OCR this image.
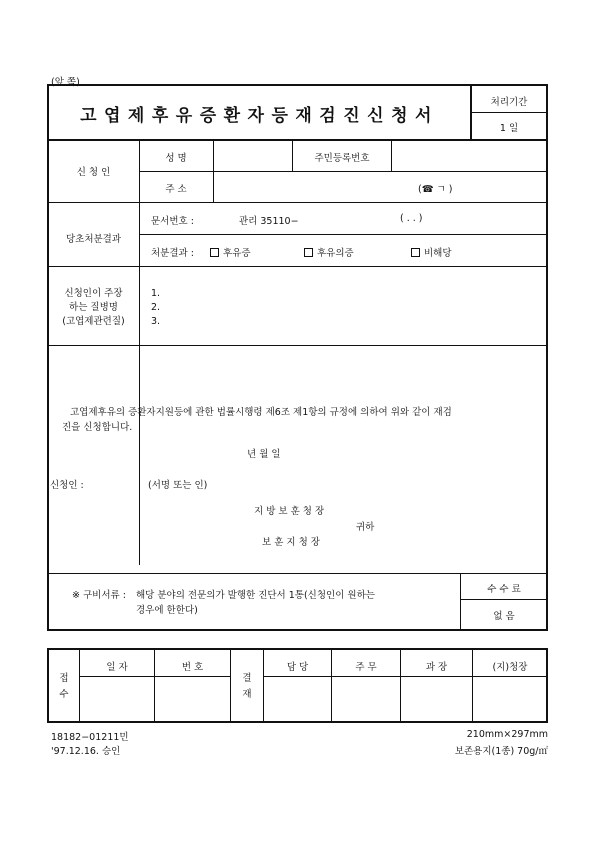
(앞 쪽)
고엽제후유증환자등재검진신청서
처리기간
1 일
신 청 인
성 명	주민등록번호
주 소	(☎ ㄱ )
당초처분결과
문서번호 :	관리 35110−	( . . )
처분결과 :	후유증	후유의증	비해당
신청인이 주장
하는 질병명
(고엽제관련질)
1.
2.
3.
고엽제후유의 증환자지원등에 관한 법률시행령 제6조 제1항의 규정에 의하여 위와 같이 재검
진을 신청합니다.
년 월 일
신청인 :	(서명 또는 인)
지 방 보 훈 청 장
귀하
보 훈 지 청 장
※ 구비서류 : 해당 분야의 전문의가 발행한 진단서 1통(신청인이 원하는
경우에 한한다)
수 수 료
없 음
접
수
일 자	번 호
결
재
담 당	주 무	과 장	(지)청장
18182−01211민
'97.12.16. 승인
210mm×297mm
보존용지(1종) 70g/㎡
